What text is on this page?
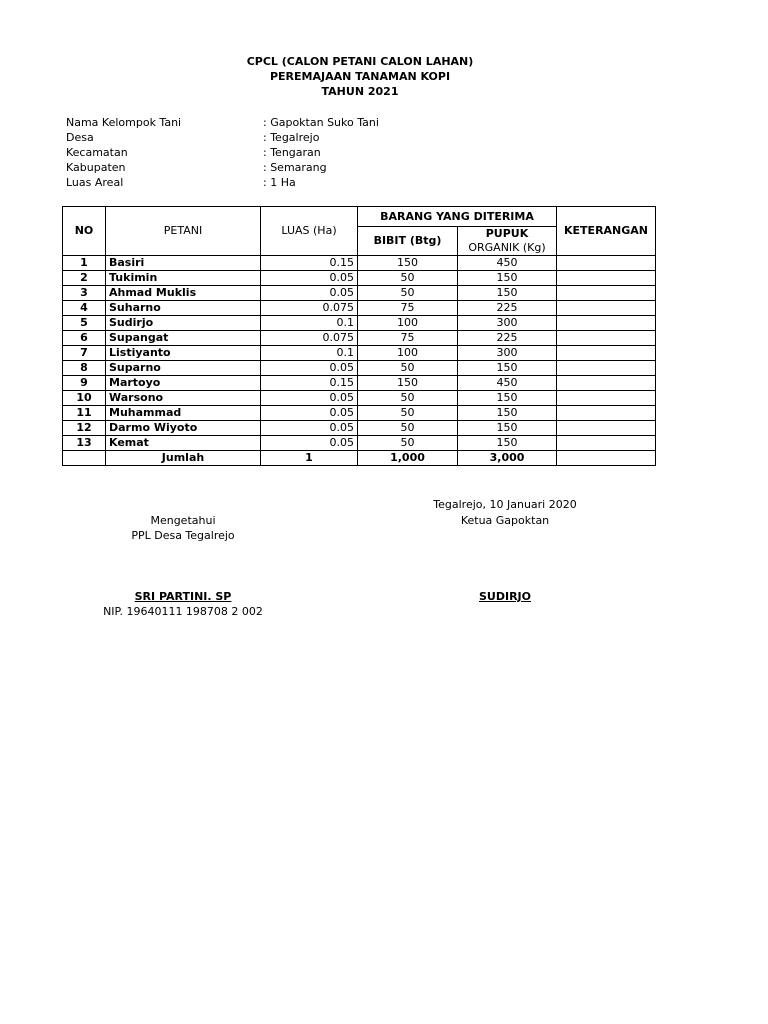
CPCL (CALON PETANI CALON LAHAN)
PEREMAJAAN TANAMAN KOPI
TAHUN 2021
Nama Kelompok Tani	: Gapoktan Suko Tani
Desa	: Tegalrejo
Kecamatan	: Tengaran
Kabupaten	: Semarang
Luas Areal	: 1 Ha
NO	PETANI	LUAS (Ha)	BARANG YANG DITERIMA		KETERANGAN
			BIBIT (Btg)	PUPUK
ORGANIK (Kg)	

1	Basiri	0.15	150	450	
2	Tukimin	0.05	50	150	
3	Ahmad Muklis	0.05	50	150	
4	Suharno	0.075	75	225	
5	Sudirjo	0.1	100	300	
6	Supangat	0.075	75	225	
7	Listiyanto	0.1	100	300	
8	Suparno	0.05	50	150	
9	Martoyo	0.15	150	450	
10	Warsono	0.05	50	150	
11	Muhammad	0.05	50	150	
12	Darmo Wiyoto	0.05	50	150	
13	Kemat	0.05	50	150	
	Jumlah	1	1,000	3,000	
Mengetahui
PPL Desa Tegalrejo
SRI PARTINI. SP
NIP. 19640111 198708 2 002
Tegalrejo, 10 Januari 2020
Ketua Gapoktan
SUDIRJO
